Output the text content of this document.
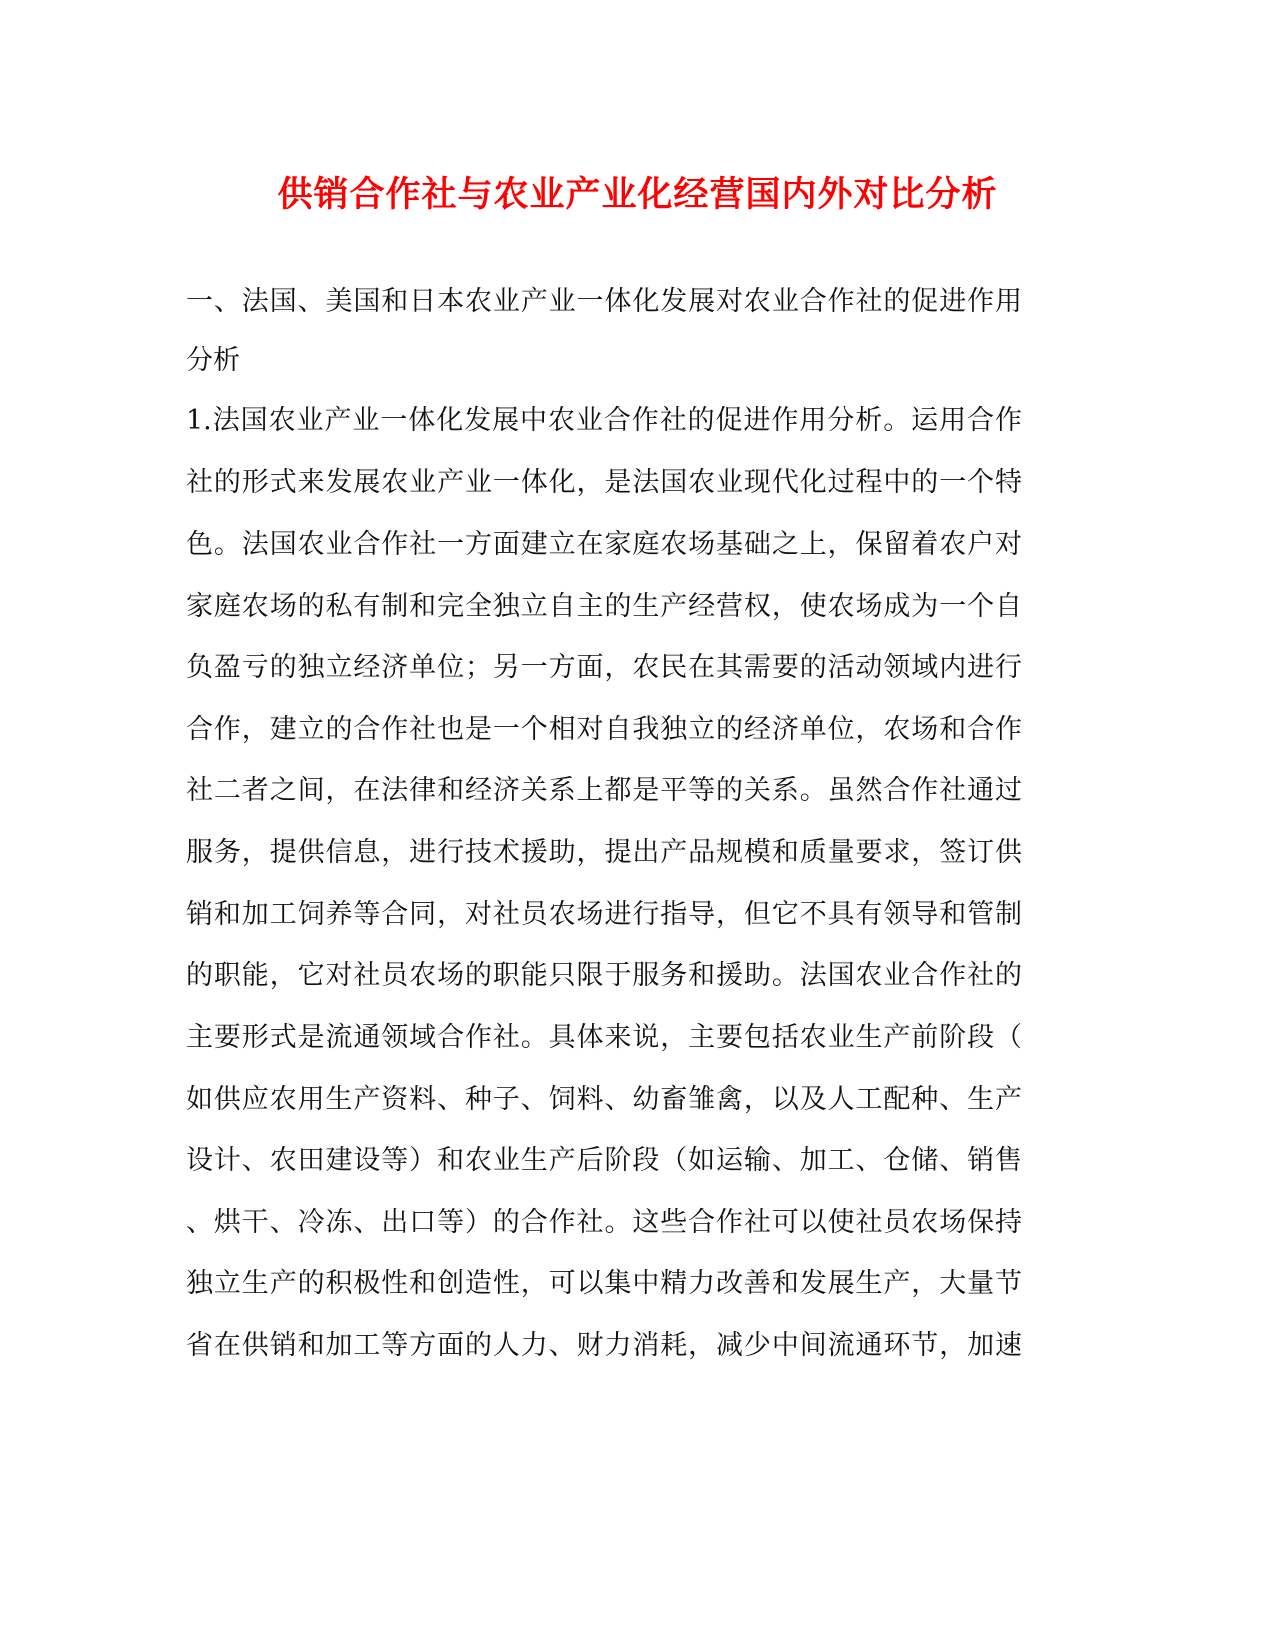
供销合作社与农业产业化经营国内外对比分析
一、法国、美国和日本农业产业一体化发展对农业合作社的促进作用
分析
1.法国农业产业一体化发展中农业合作社的促进作用分析。运用合作
社的形式来发展农业产业一体化，是法国农业现代化过程中的一个特
色。法国农业合作社一方面建立在家庭农场基础之上，保留着农户对
家庭农场的私有制和完全独立自主的生产经营权，使农场成为一个自
负盈亏的独立经济单位；另一方面，农民在其需要的活动领域内进行
合作，建立的合作社也是一个相对自我独立的经济单位，农场和合作
社二者之间，在法律和经济关系上都是平等的关系。虽然合作社通过
服务，提供信息，进行技术援助，提出产品规模和质量要求，签订供
销和加工饲养等合同，对社员农场进行指导，但它不具有领导和管制
的职能，它对社员农场的职能只限于服务和援助。法国农业合作社的
主要形式是流通领域合作社。具体来说，主要包括农业生产前阶段（
如供应农用生产资料、种子、饲料、幼畜雏禽，以及人工配种、生产
设计、农田建设等）和农业生产后阶段（如运输、加工、仓储、销售
、烘干、冷冻、出口等）的合作社。这些合作社可以使社员农场保持
独立生产的积极性和创造性，可以集中精力改善和发展生产，大量节
省在供销和加工等方面的人力、财力消耗，减少中间流通环节，加速
